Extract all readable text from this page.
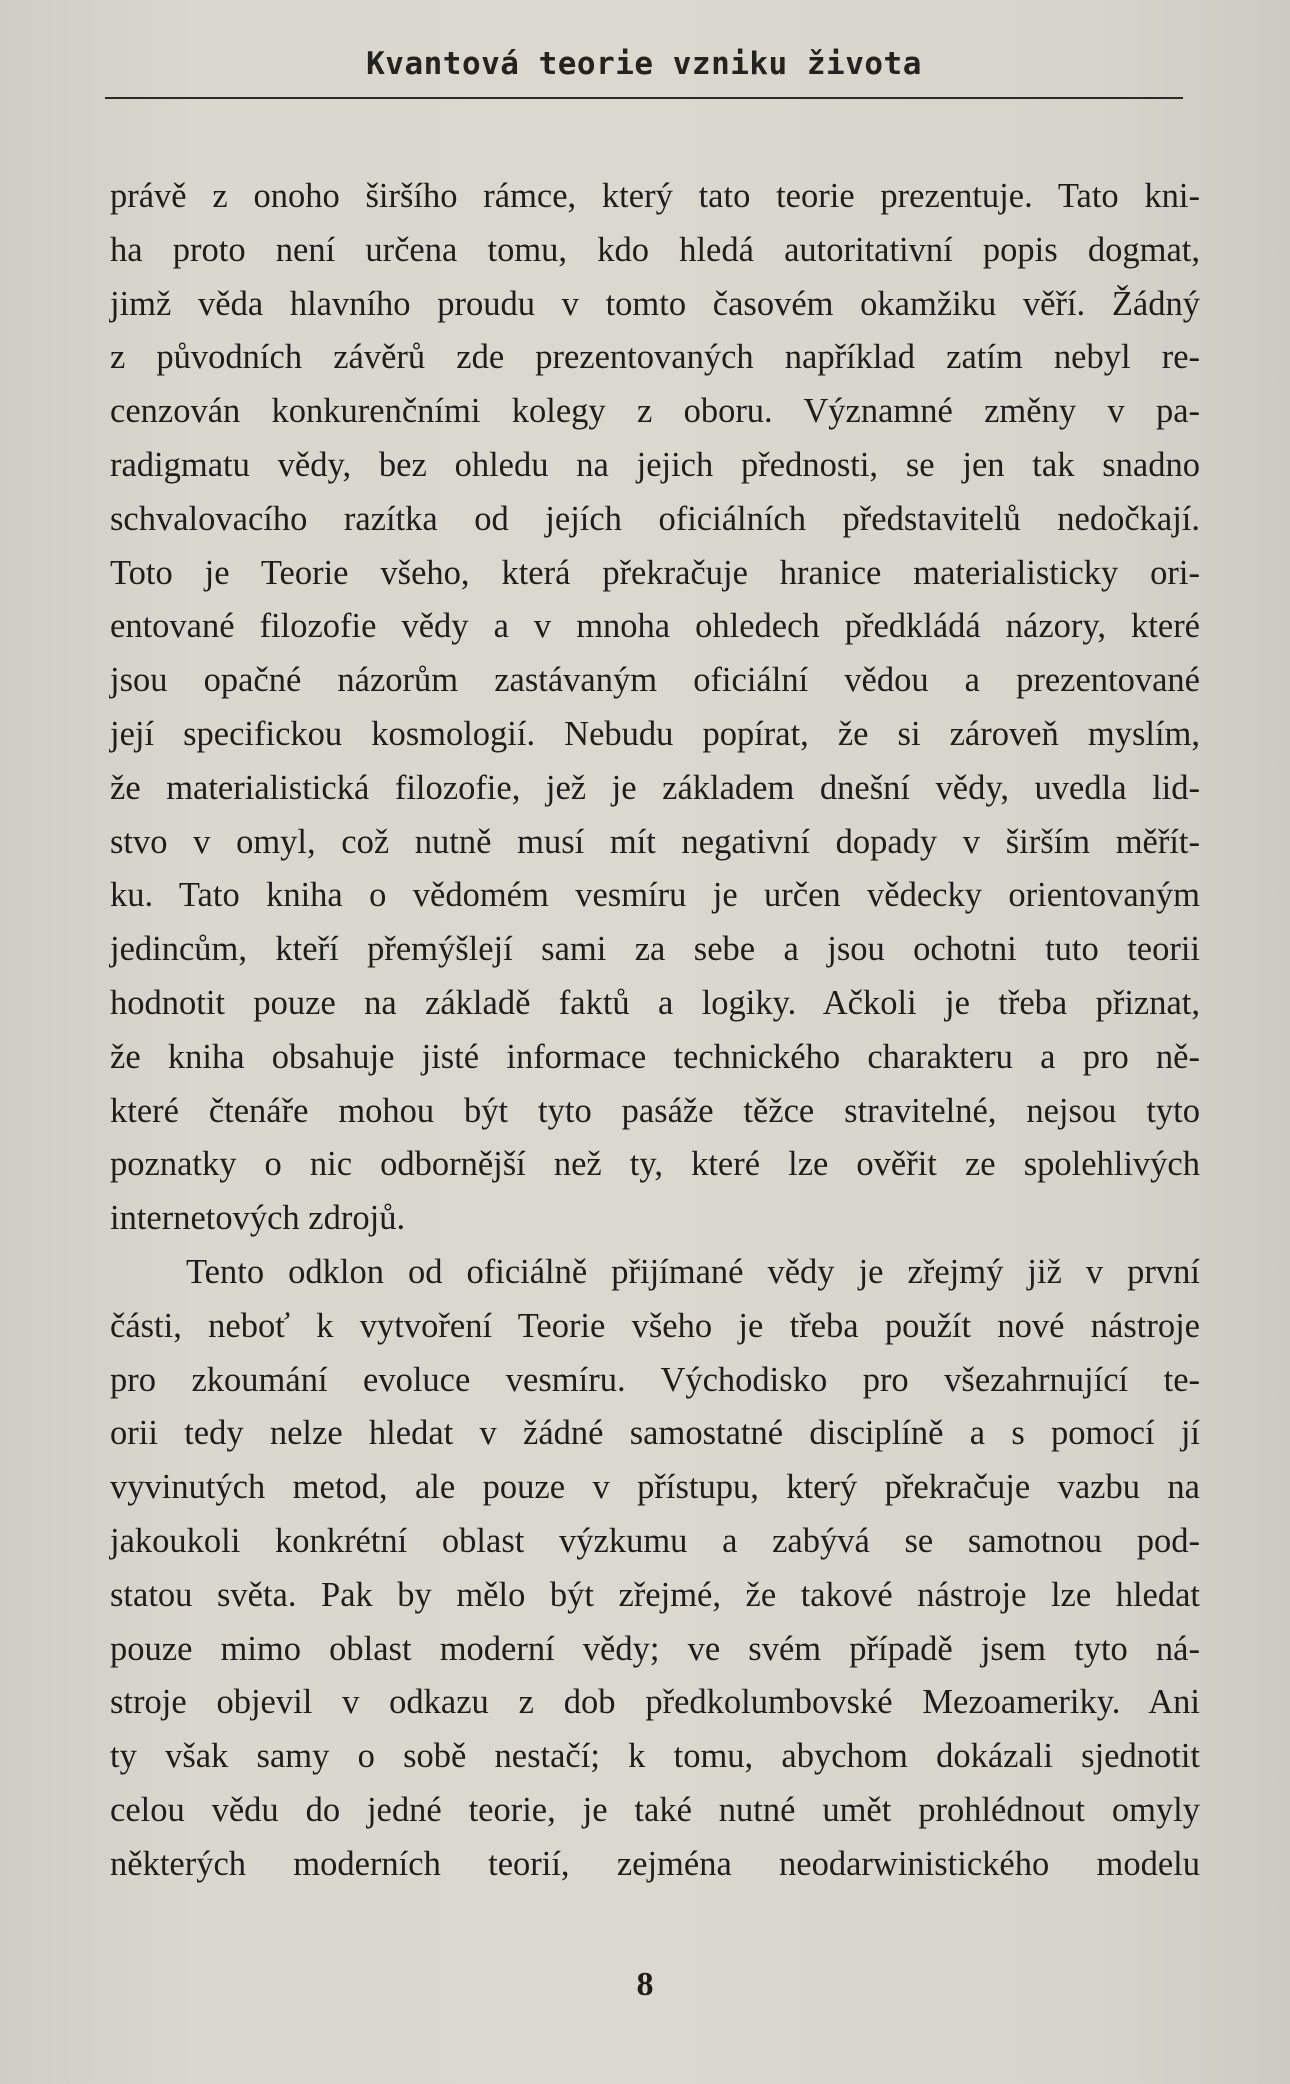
Kvantová teorie vzniku života
právě z onoho širšího rámce, který tato teorie prezentuje. Tato kni-
ha proto není určena tomu, kdo hledá autoritativní popis dogmat,
jimž věda hlavního proudu v tomto časovém okamžiku věří. Žádný
z původních závěrů zde prezentovaných například zatím nebyl re-
cenzován konkurenčními kolegy z oboru. Významné změny v pa-
radigmatu vědy, bez ohledu na jejich přednosti, se jen tak snadno
schvalovacího razítka od jejích oficiálních představitelů nedočkají.
Toto je Teorie všeho, která překračuje hranice materialisticky ori-
entované filozofie vědy a v mnoha ohledech předkládá názory, které
jsou opačné názorům zastávaným oficiální vědou a prezentované
její specifickou kosmologií. Nebudu popírat, že si zároveň myslím,
že materialistická filozofie, jež je základem dnešní vědy, uvedla lid-
stvo v omyl, což nutně musí mít negativní dopady v širším měřít-
ku. Tato kniha o vědomém vesmíru je určen vědecky orientovaným
jedincům, kteří přemýšlejí sami za sebe a jsou ochotni tuto teorii
hodnotit pouze na základě faktů a logiky. Ačkoli je třeba přiznat,
že kniha obsahuje jisté informace technického charakteru a pro ně-
které čtenáře mohou být tyto pasáže těžce stravitelné, nejsou tyto
poznatky o nic odbornější než ty, které lze ověřit ze spolehlivých
internetových zdrojů.
Tento odklon od oficiálně přijímané vědy je zřejmý již v první
části, neboť k vytvoření Teorie všeho je třeba použít nové nástroje
pro zkoumání evoluce vesmíru. Východisko pro všezahrnující te-
orii tedy nelze hledat v žádné samostatné disciplíně a s pomocí jí
vyvinutých metod, ale pouze v přístupu, který překračuje vazbu na
jakoukoli konkrétní oblast výzkumu a zabývá se samotnou pod-
statou světa. Pak by mělo být zřejmé, že takové nástroje lze hledat
pouze mimo oblast moderní vědy; ve svém případě jsem tyto ná-
stroje objevil v odkazu z dob předkolumbovské Mezoameriky. Ani
ty však samy o sobě nestačí; k tomu, abychom dokázali sjednotit
celou vědu do jedné teorie, je také nutné umět prohlédnout omyly
některých moderních teorií, zejména neodarwinistického modelu
8
